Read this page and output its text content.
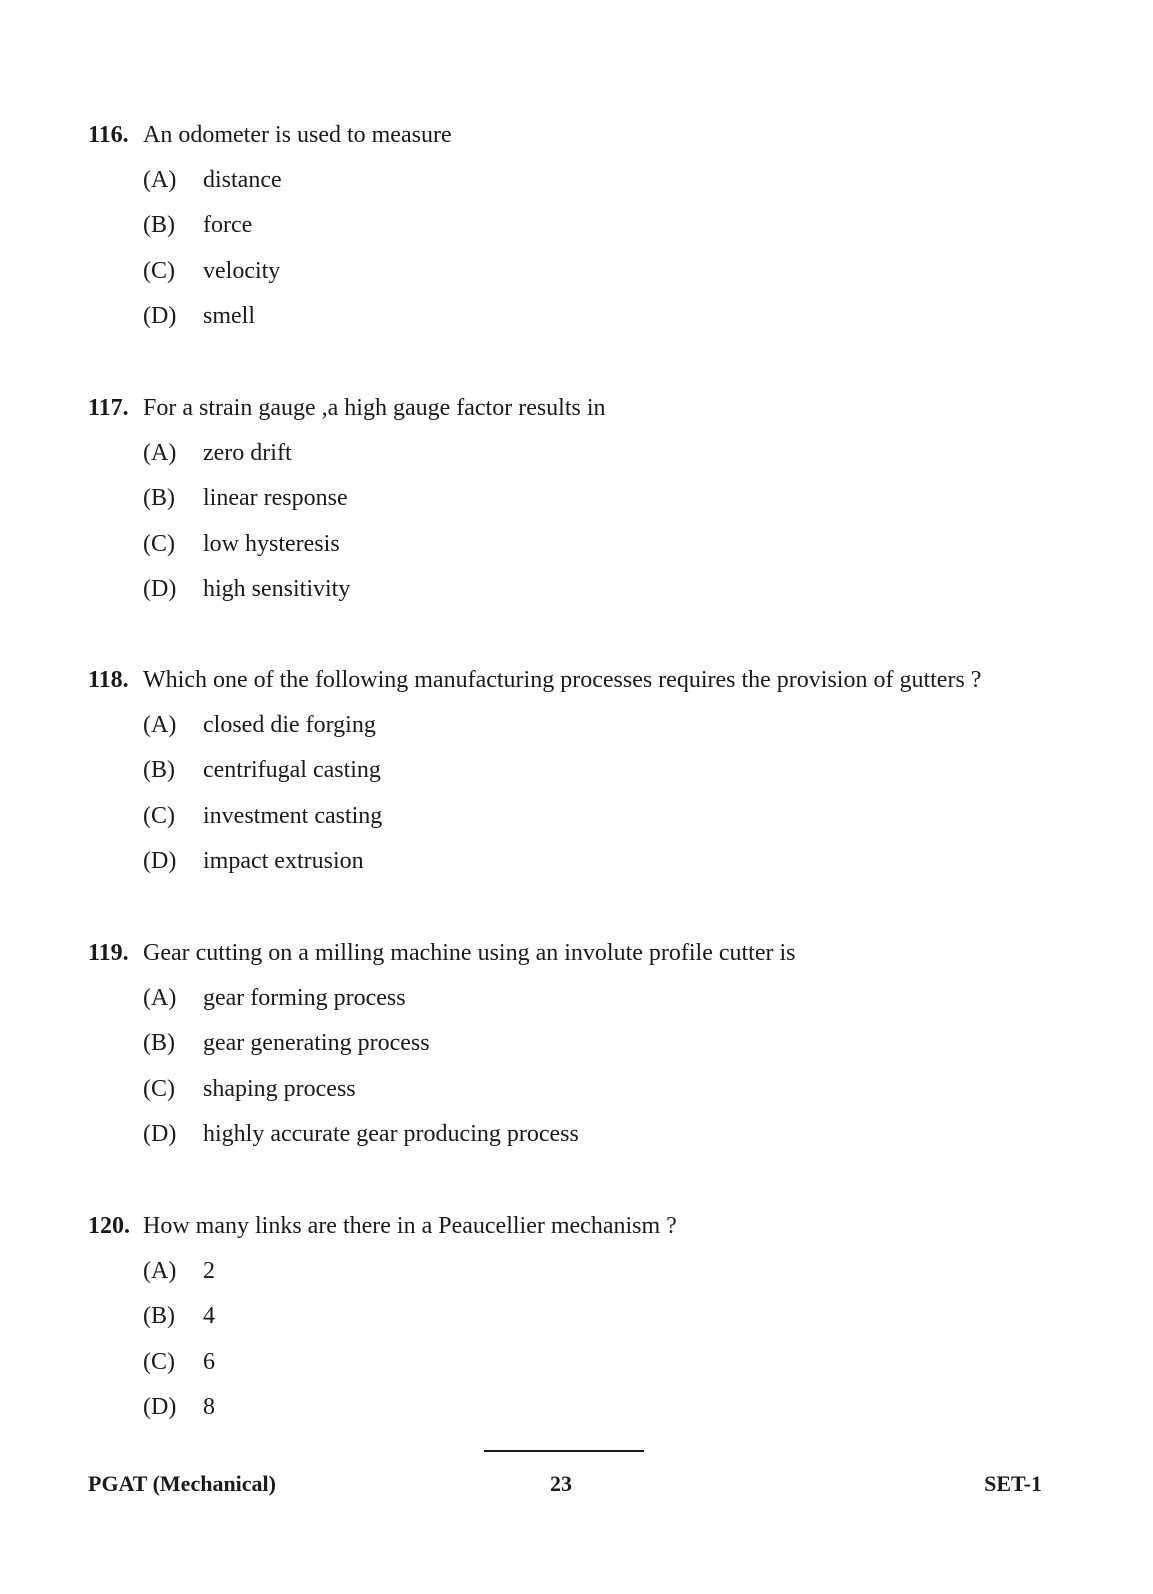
116. An odometer is used to measure
(A)	distance
(B)	force
(C)	velocity
(D)	smell
117. For a strain gauge ,a high gauge factor results in
(A)	zero drift
(B)	linear response
(C)	low hysteresis
(D)	high sensitivity
118. Which one of the following manufacturing processes requires the provision of gutters ?
(A)	closed die forging
(B)	centrifugal casting
(C)	investment casting
(D)	impact extrusion
119. Gear cutting on a milling machine using an involute profile cutter is
(A)	gear forming process
(B)	gear generating process
(C)	shaping process
(D)	highly accurate gear producing process
120. How many links are there in a Peaucellier mechanism ?
(A)	2
(B)	4
(C)	6
(D)	8
PGAT (Mechanical)	23	SET-1
